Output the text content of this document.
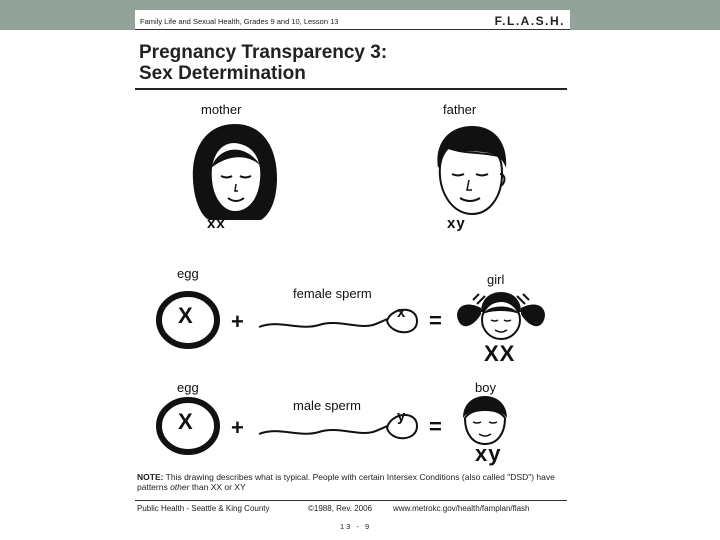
Family Life and Sexual Health, Grades 9 and 10, Lesson 13	F.L.A.S.H.
Pregnancy Transparency 3:
Sex Determination
mother
xx
father
xy
egg
X +
female sperm
x =
girl
XX
egg
X +
male sperm
y =
boy
xy
NOTE: This drawing describes what is typical. People with certain Intersex Conditions (also called "DSD") have patterns other than XX or XY
Public Health - Seattle & King County	©1988, Rev. 2006	www.metrokc.gov/health/famplan/flash
13 - 9
